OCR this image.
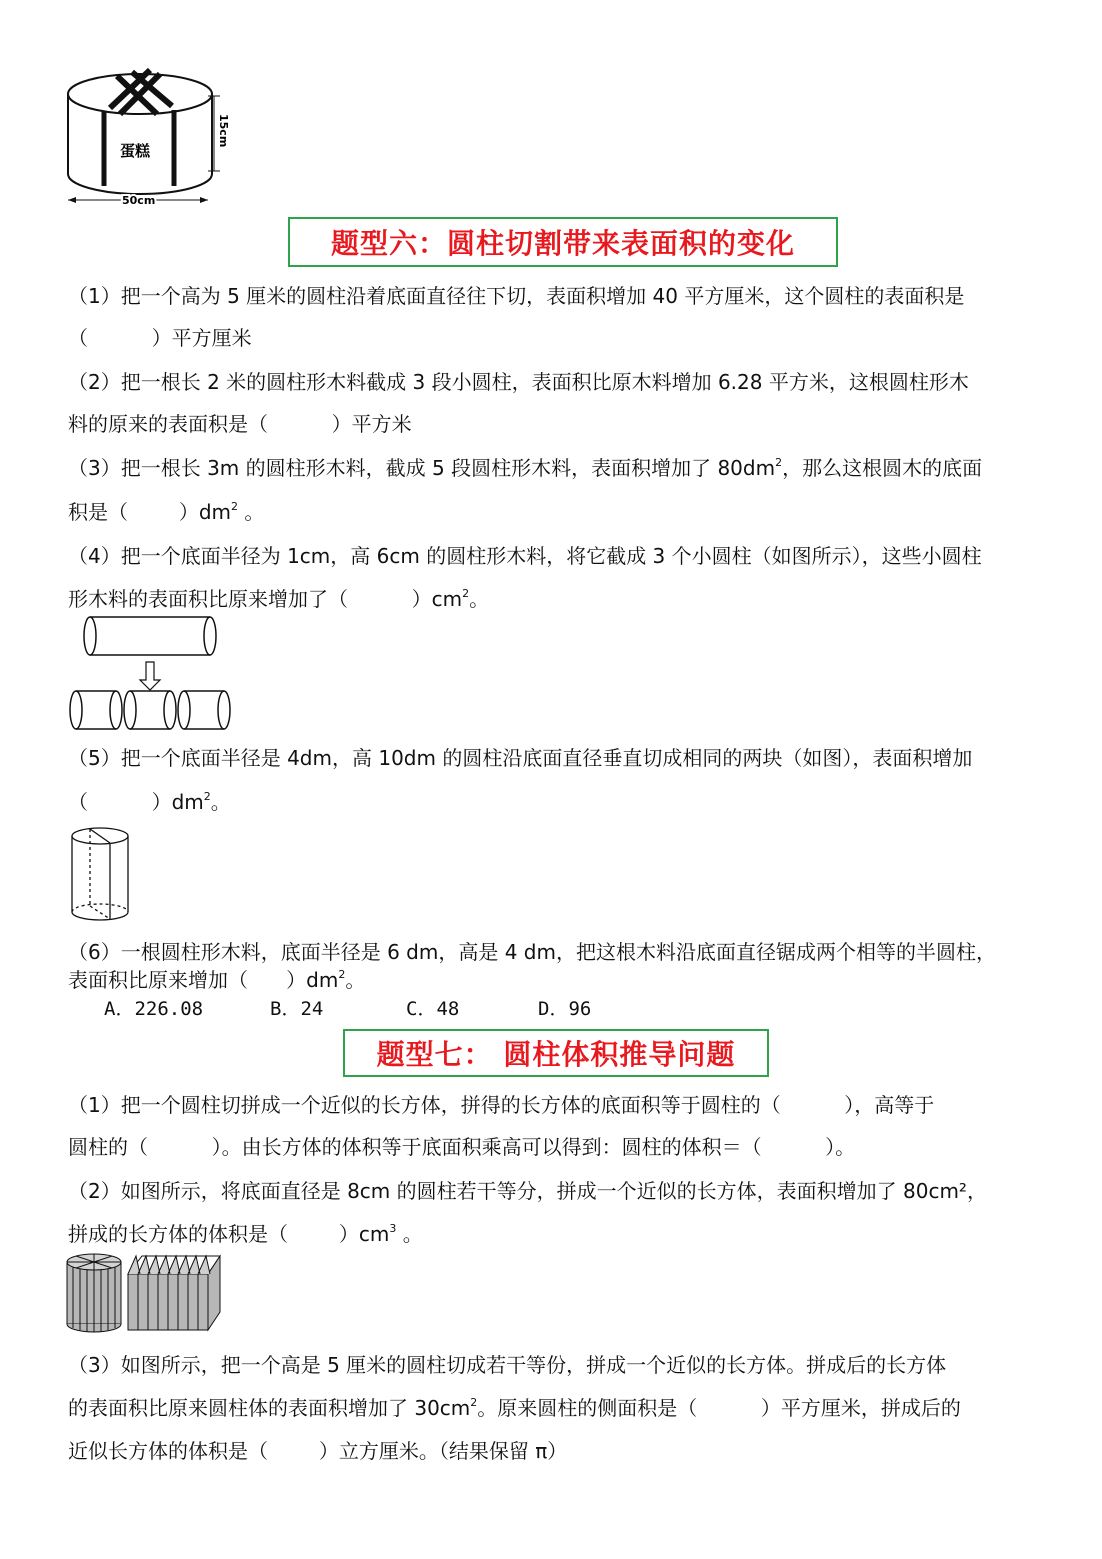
蛋糕
15cm
50cm
题型六：圆柱切割带来表面积的变化
（1）把一个高为 5 厘米的圆柱沿着底面直径往下切，表面积增加 40 平方厘米，这个圆柱的表面积是
（          ）平方厘米
（2）把一根长 2 米的圆柱形木料截成 3 段小圆柱，表面积比原木料增加 6.28 平方米，这根圆柱形木
料的原来的表面积是（          ）平方米
（3）把一根长 3m 的圆柱形木料，截成 5 段圆柱形木料，表面积增加了 $80dm^2$，那么这根圆木的底面
积是（        ）$dm^2$ 。
（4）把一个底面半径为 1cm，高 6cm 的圆柱形木料，将它截成 3 个小圆柱（如图所示），这些小圆柱
形木料的表面积比原来增加了（          ）$cm^2$。
（5）把一个底面半径是 4dm，高 10dm 的圆柱沿底面直径垂直切成相同的两块（如图），表面积增加
（          ）$dm^2$。
（6）一根圆柱形木料，底面半径是 6 dm，高是 4 dm，把这根木料沿底面直径锯成两个相等的半圆柱，
表面积比原来增加（      ）$dm^2$。
A．226.08	B．24	C．48	D．96
题型七： 圆柱体积推导问题
（1）把一个圆柱切拼成一个近似的长方体，拼得的长方体的底面积等于圆柱的（          ），高等于
圆柱的（          ）。由长方体的体积等于底面积乘高可以得到：圆柱的体积＝（          ）。
（2）如图所示，将底面直径是 8cm 的圆柱若干等分，拼成一个近似的长方体，表面积增加了 80cm²，
拼成的长方体的体积是（        ）$cm^3$ 。
（3）如图所示，把一个高是 5 厘米的圆柱切成若干等份，拼成一个近似的长方体。拼成后的长方体
的表面积比原来圆柱体的表面积增加了 $30cm^2$。原来圆柱的侧面积是（          ）平方厘米，拼成后的
近似长方体的体积是（        ）立方厘米。（结果保留 π）
